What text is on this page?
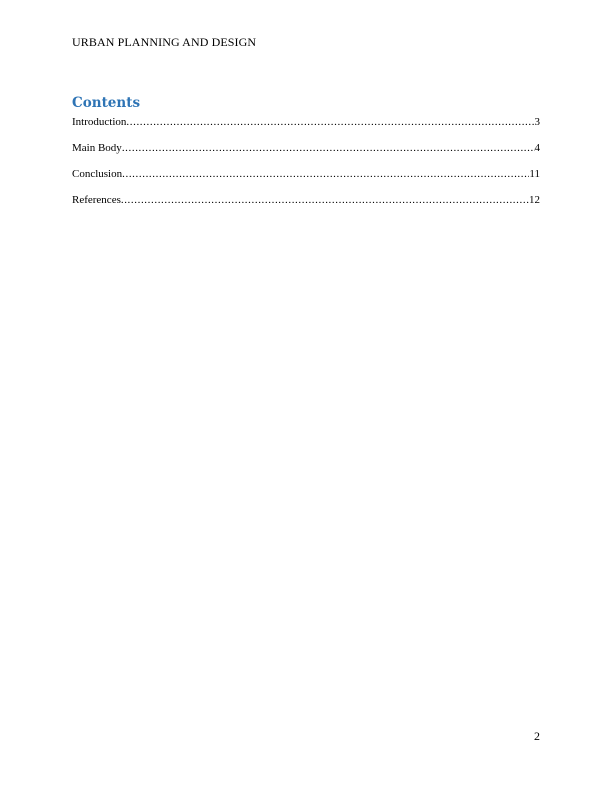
URBAN PLANNING AND DESIGN
Contents
Introduction .....	3
Main Body .....	4
Conclusion .....	11
References .....	12
2
